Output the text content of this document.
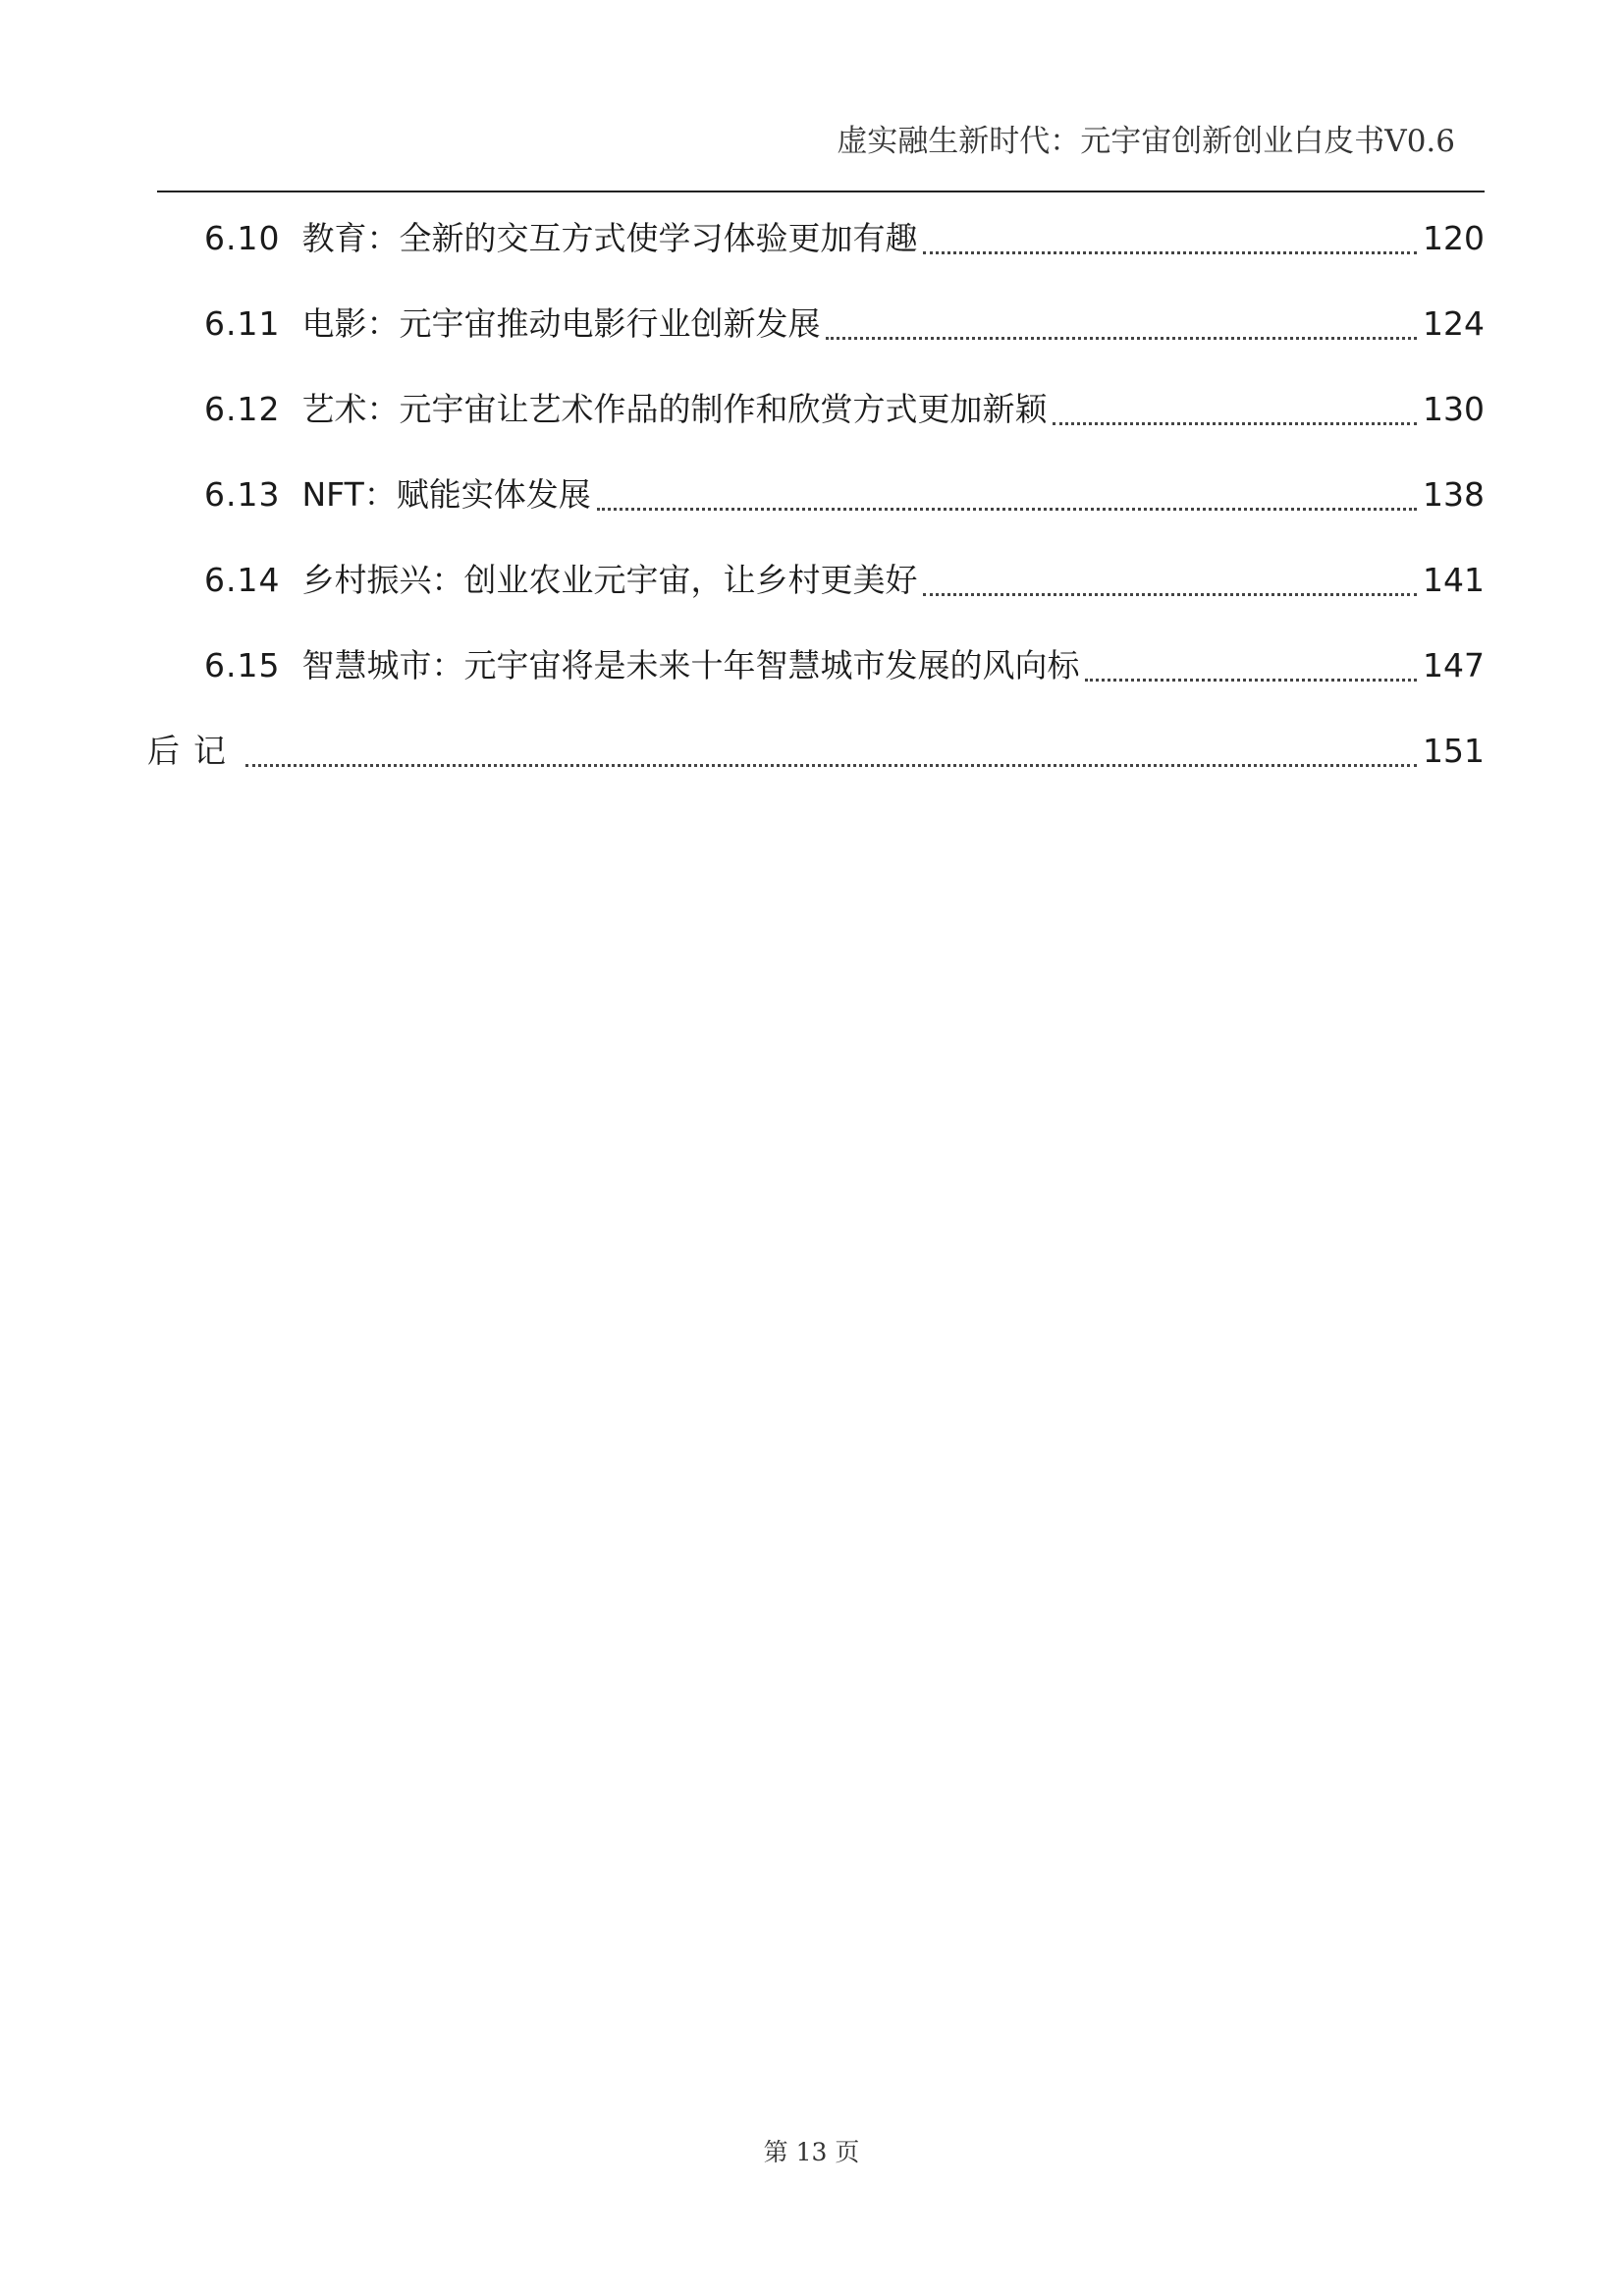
虚实融生新时代：元宇宙创新创业白皮书V0.6
6.10 教育：全新的交互方式使学习体验更加有趣	120
6.11 电影：元宇宙推动电影行业创新发展	124
6.12 艺术：元宇宙让艺术作品的制作和欣赏方式更加新颖	130
6.13 NFT：赋能实体发展	138
6.14 乡村振兴：创业农业元宇宙，让乡村更美好	141
6.15 智慧城市：元宇宙将是未来十年智慧城市发展的风向标	147
后记	151
第 13 页
